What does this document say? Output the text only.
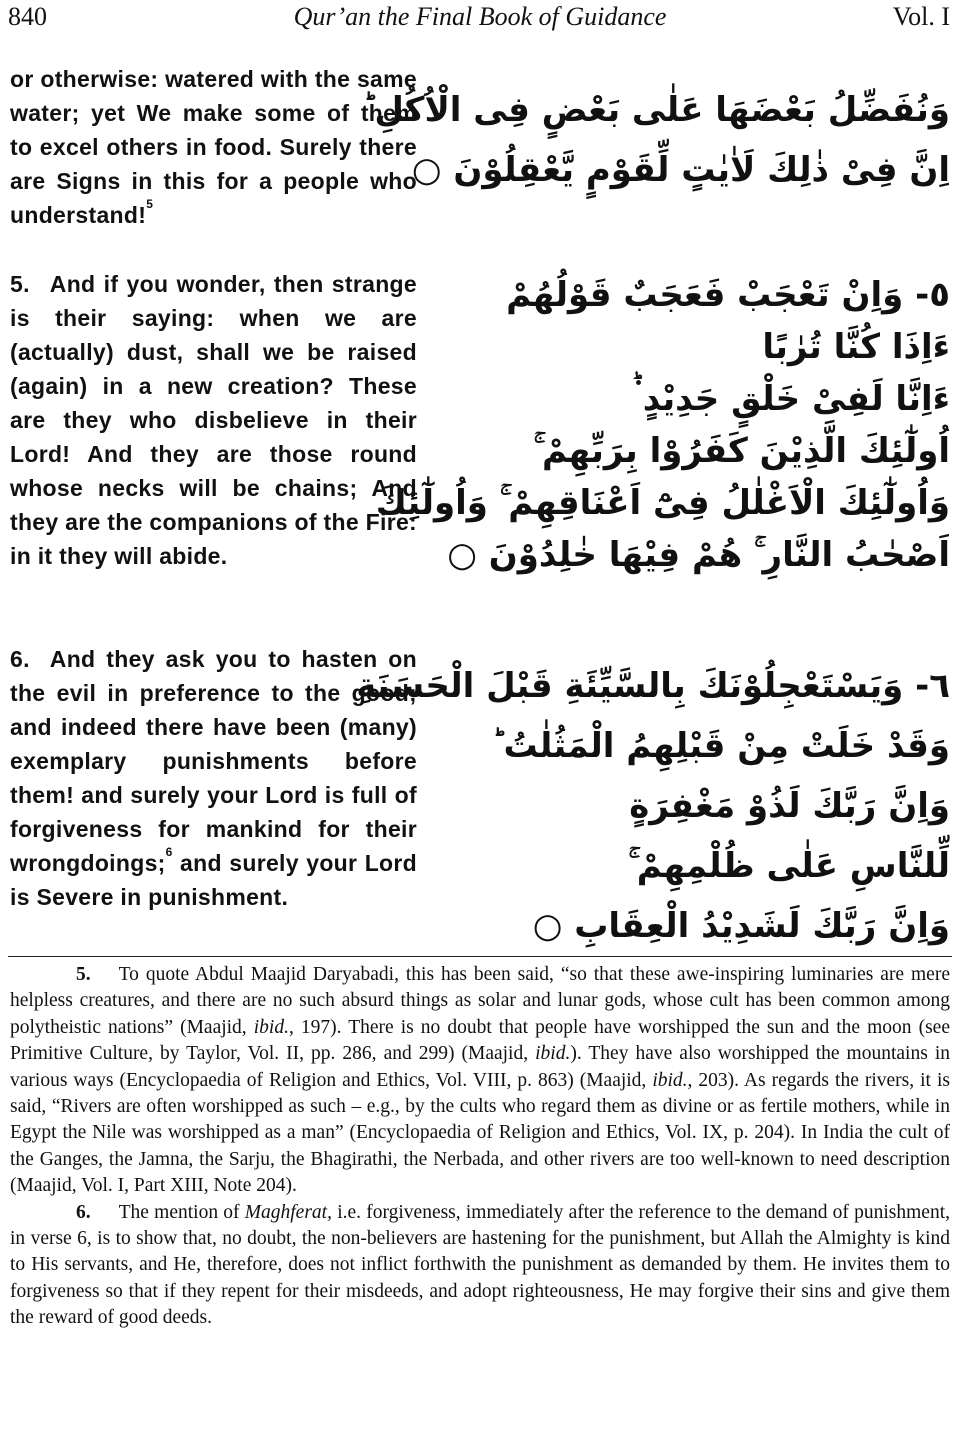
840	Qur’an the Final Book of Guidance	Vol. I
or otherwise: watered with the same water; yet We make some of them to excel others in food. Surely there are Signs in this for a people who understand!$^5$
وَنُفَضِّلُ بَعْضَهَا عَلٰى بَعْضٍ فِى الْاُكُلِ ؕ
اِنَّ فِىْ ذٰلِكَ لَاٰيٰتٍ لِّقَوْمٍ يَّعْقِلُوْنَ ○
5. And if you wonder, then strange is their saying: when we are (actually) dust, shall we be raised (again) in a new creation? These are they who disbelieve in their Lord! And they are those round whose necks will be chains; And they are the companions of the Fire: in it they will abide.
٥- وَاِنْ تَعْجَبْ فَعَجَبٌ قَوْلُهُمْ
ءَاِذَا كُنَّا تُرٰبًا
ءَاِنَّا لَفِىْ خَلْقٍ جَدِيْدٍ ۬ؕ
اُولٰٓئِكَ الَّذِيْنَ كَفَرُوْا بِرَبِّهِمْ ۚ
وَاُولٰٓئِكَ الْاَغْلٰلُ فِىْٓ اَعْنَاقِهِمْ ۚ وَاُولٰٓئِكَ
اَصْحٰبُ النَّارِ ۚ هُمْ فِيْهَا خٰلِدُوْنَ ○
6. And they ask you to hasten on the evil in preference to the good; and indeed there have been (many) exemplary punishments before them! and surely your Lord is full of forgiveness for mankind for their wrongdoings;$^6$ and surely your Lord is Severe in punishment.
٦- وَيَسْتَعْجِلُوْنَكَ بِالسَّيِّئَةِ قَبْلَ الْحَسَنَةِ
وَقَدْ خَلَتْ مِنْ قَبْلِهِمُ الْمَثُلٰتُ ؕ
وَاِنَّ رَبَّكَ لَذُوْ مَغْفِرَةٍ
لِّلنَّاسِ عَلٰى ظُلْمِهِمْ ۚ
وَاِنَّ رَبَّكَ لَشَدِيْدُ الْعِقَابِ ○

5. To quote Abdul Maajid Daryabadi, this has been said, “so that these awe-inspiring luminaries are mere helpless creatures, and there are no such absurd things as solar and lunar gods, whose cult has been common among polytheistic nations” (Maajid, ibid., 197). There is no doubt that people have worshipped the sun and the moon (see Primitive Culture, by Taylor, Vol. II, pp. 286, and 299) (Maajid, ibid.). They have also worshipped the mountains in various ways (Encyclopaedia of Religion and Ethics, Vol. VIII, p. 863) (Maajid, ibid., 203). As regards the rivers, it is said, “Rivers are often worshipped as such – e.g., by the cults who regard them as divine or as fertile mothers, while in Egypt the Nile was worshipped as a man” (Encyclopaedia of Religion and Ethics, Vol. IX, p. 204). In India the cult of the Ganges, the Jamna, the Sarju, the Bhagirathi, the Nerbada, and other rivers are too well-known to need description (Maajid, Vol. I, Part XIII, Note 204).

6. The mention of Maghferat, i.e. forgiveness, immediately after the reference to the demand of punishment, in verse 6, is to show that, no doubt, the non-believers are hastening for the punishment, but Allah the Almighty is kind to His servants, and He, therefore, does not inflict forthwith the punishment as demanded by them. He invites them to forgiveness so that if they repent for their misdeeds, and adopt righteousness, He may forgive their sins and give them the reward of good deeds.
